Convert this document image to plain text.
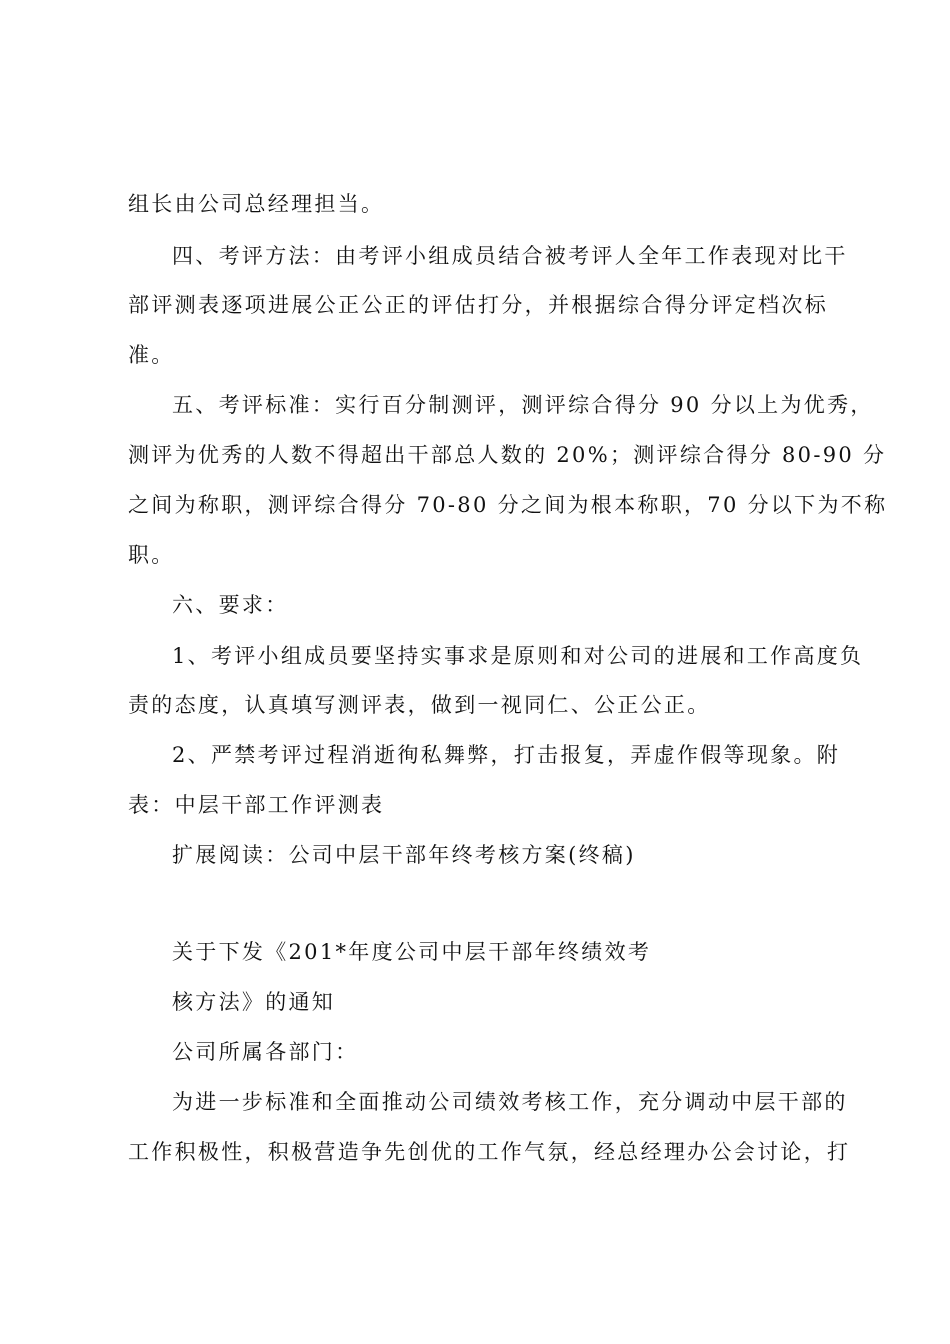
组长由公司总经理担当。
四、考评方法：由考评小组成员结合被考评人全年工作表现对比干
部评测表逐项进展公正公正的评估打分，并根据综合得分评定档次标
准。
五、考评标准：实行百分制测评，测评综合得分 90 分以上为优秀，
测评为优秀的人数不得超出干部总人数的 20%；测评综合得分 80-90 分
之间为称职，测评综合得分 70-80 分之间为根本称职，70 分以下为不称
职。
六、要求：
1、考评小组成员要坚持实事求是原则和对公司的进展和工作高度负
责的态度，认真填写测评表，做到一视同仁、公正公正。
2、严禁考评过程消逝徇私舞弊，打击报复，弄虚作假等现象。附
表：中层干部工作评测表
扩展阅读：公司中层干部年终考核方案(终稿)
关于下发《201*年度公司中层干部年终绩效考
核方法》的通知
公司所属各部门：
为进一步标准和全面推动公司绩效考核工作，充分调动中层干部的
工作积极性，积极营造争先创优的工作气氛，经总经理办公会讨论，打
